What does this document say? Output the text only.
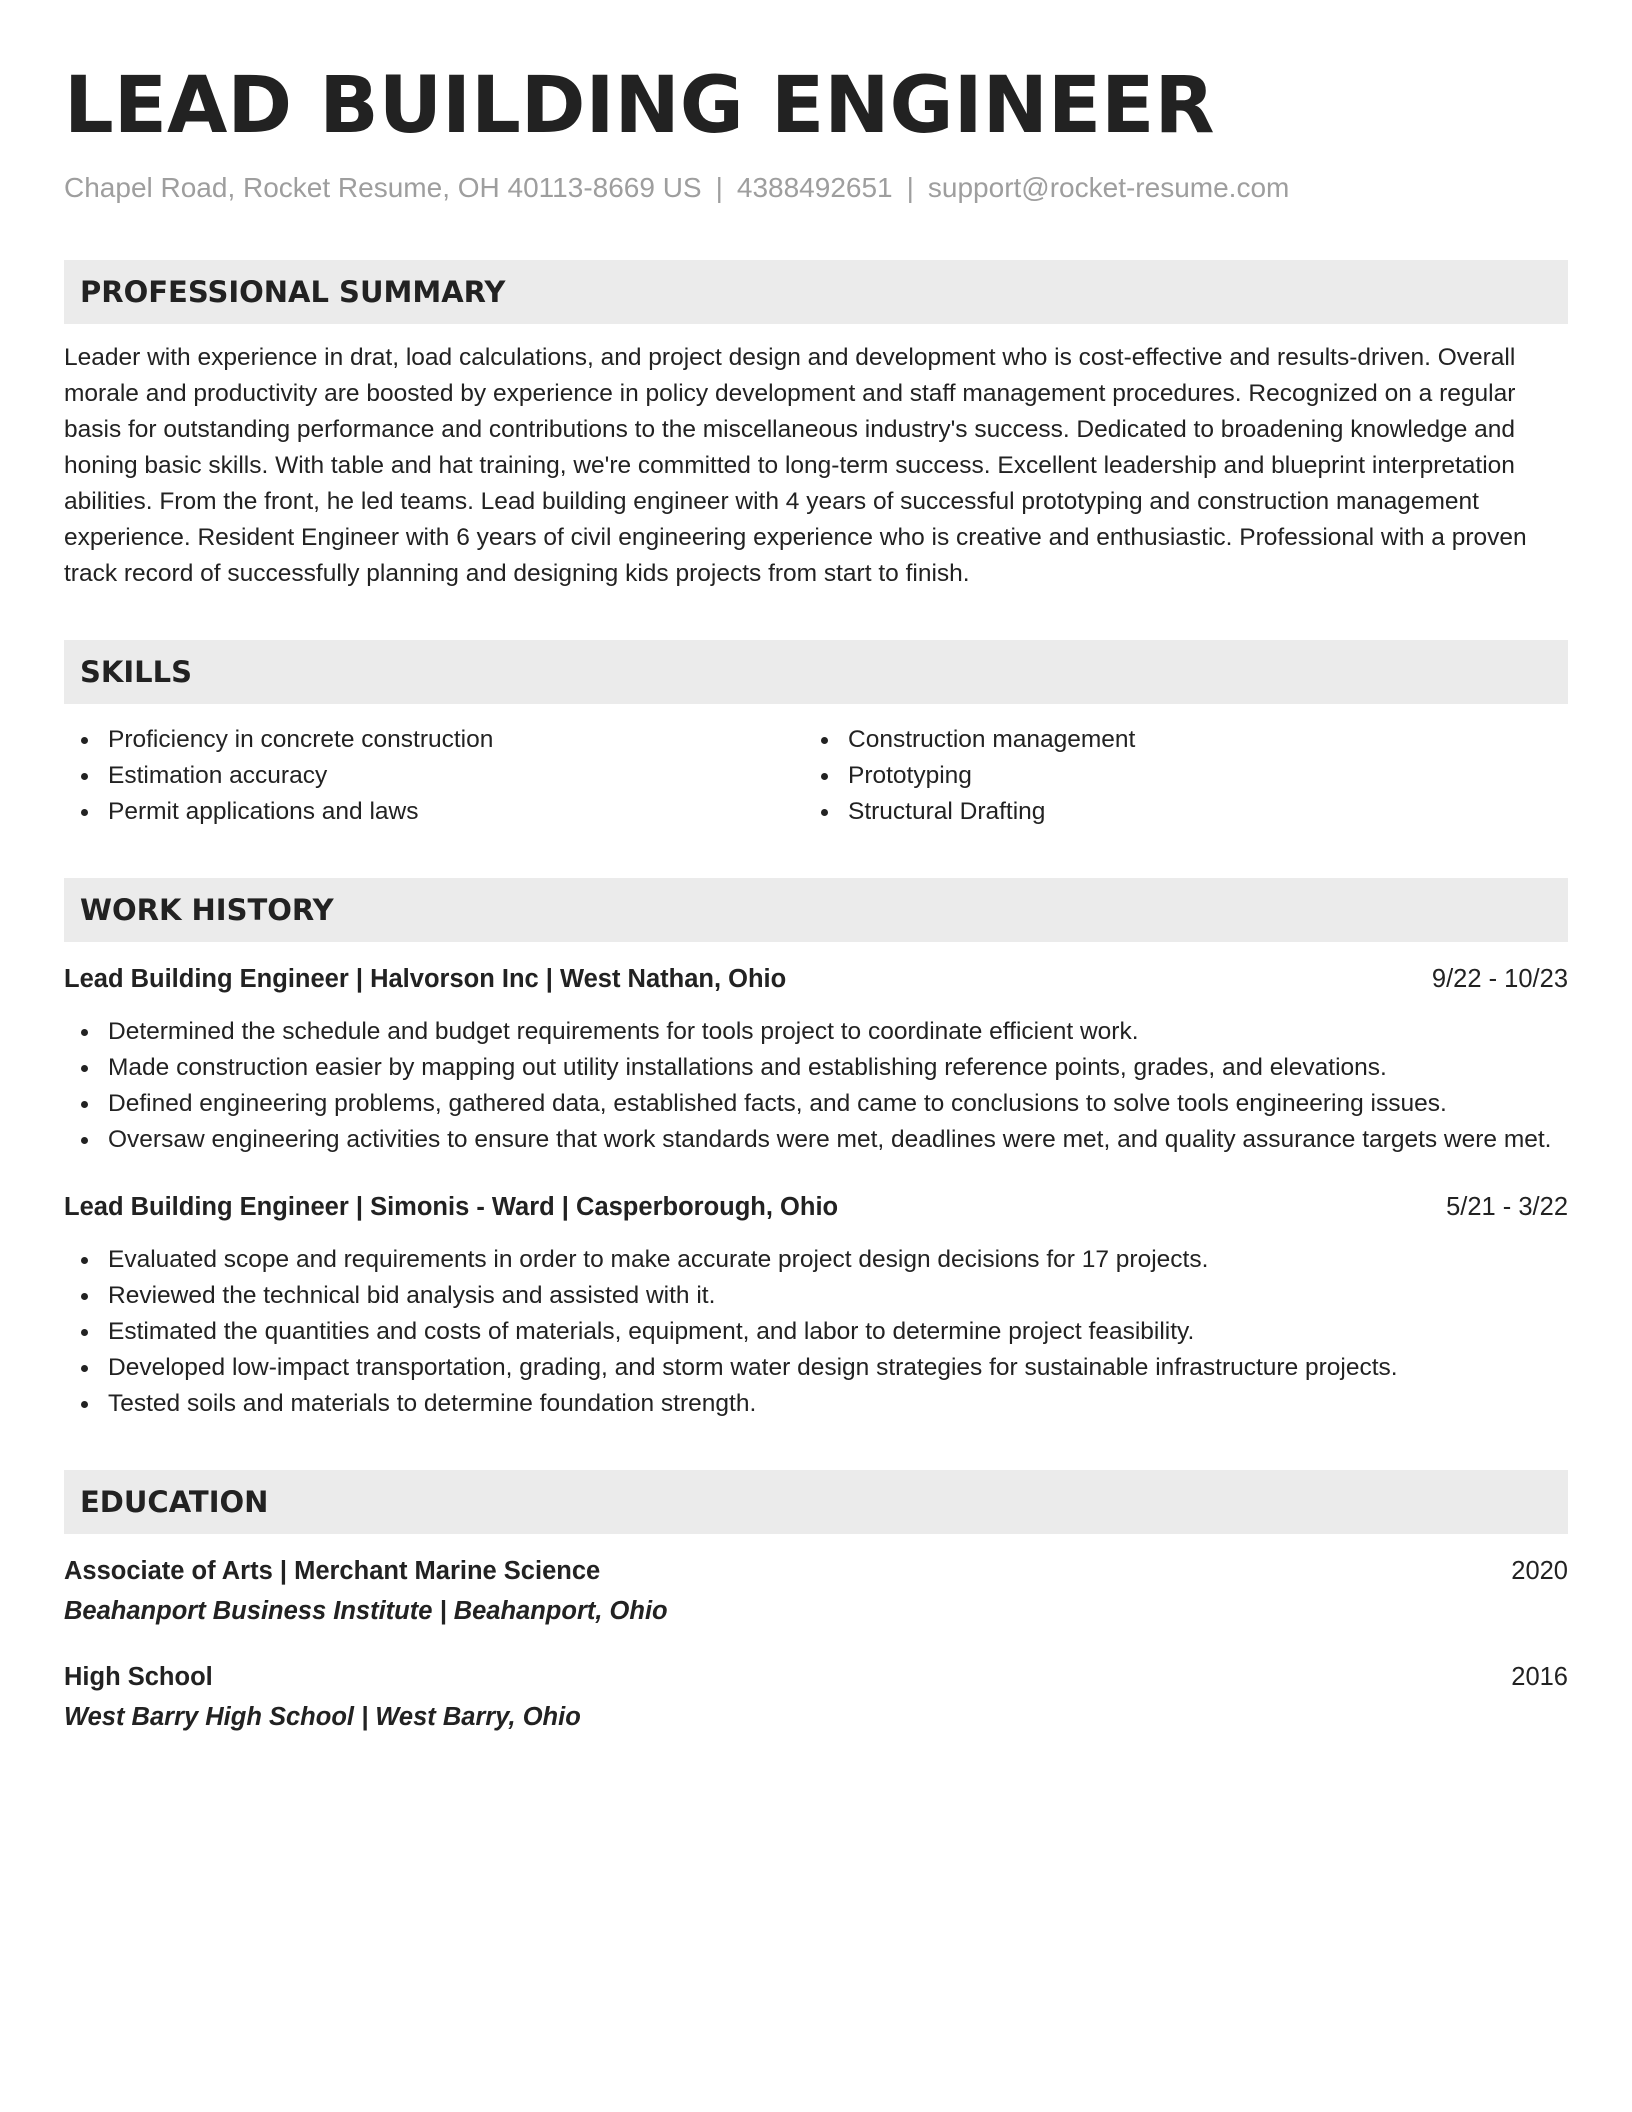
LEAD BUILDING ENGINEER
Chapel Road, Rocket Resume, OH 40113-8669 US | 4388492651 | support@rocket-resume.com
PROFESSIONAL SUMMARY
Leader with experience in drat, load calculations, and project design and development who is cost-effective and results-driven. Overall morale and productivity are boosted by experience in policy development and staff management procedures. Recognized on a regular basis for outstanding performance and contributions to the miscellaneous industry's success. Dedicated to broadening knowledge and honing basic skills. With table and hat training, we're committed to long-term success. Excellent leadership and blueprint interpretation abilities. From the front, he led teams. Lead building engineer with 4 years of successful prototyping and construction management experience. Resident Engineer with 6 years of civil engineering experience who is creative and enthusiastic. Professional with a proven track record of successfully planning and designing kids projects from start to finish.
SKILLS
Proficiency in concrete construction
Estimation accuracy
Permit applications and laws
Construction management
Prototyping
Structural Drafting
WORK HISTORY
Lead Building Engineer | Halvorson Inc | West Nathan, Ohio	9/22 - 10/23
Determined the schedule and budget requirements for tools project to coordinate efficient work.
Made construction easier by mapping out utility installations and establishing reference points, grades, and elevations.
Defined engineering problems, gathered data, established facts, and came to conclusions to solve tools engineering issues.
Oversaw engineering activities to ensure that work standards were met, deadlines were met, and quality assurance targets were met.
Lead Building Engineer | Simonis - Ward | Casperborough, Ohio	5/21 - 3/22
Evaluated scope and requirements in order to make accurate project design decisions for 17 projects.
Reviewed the technical bid analysis and assisted with it.
Estimated the quantities and costs of materials, equipment, and labor to determine project feasibility.
Developed low-impact transportation, grading, and storm water design strategies for sustainable infrastructure projects.
Tested soils and materials to determine foundation strength.
EDUCATION
Associate of Arts | Merchant Marine Science	2020
Beahanport Business Institute | Beahanport, Ohio
High School	2016
West Barry High School | West Barry, Ohio
